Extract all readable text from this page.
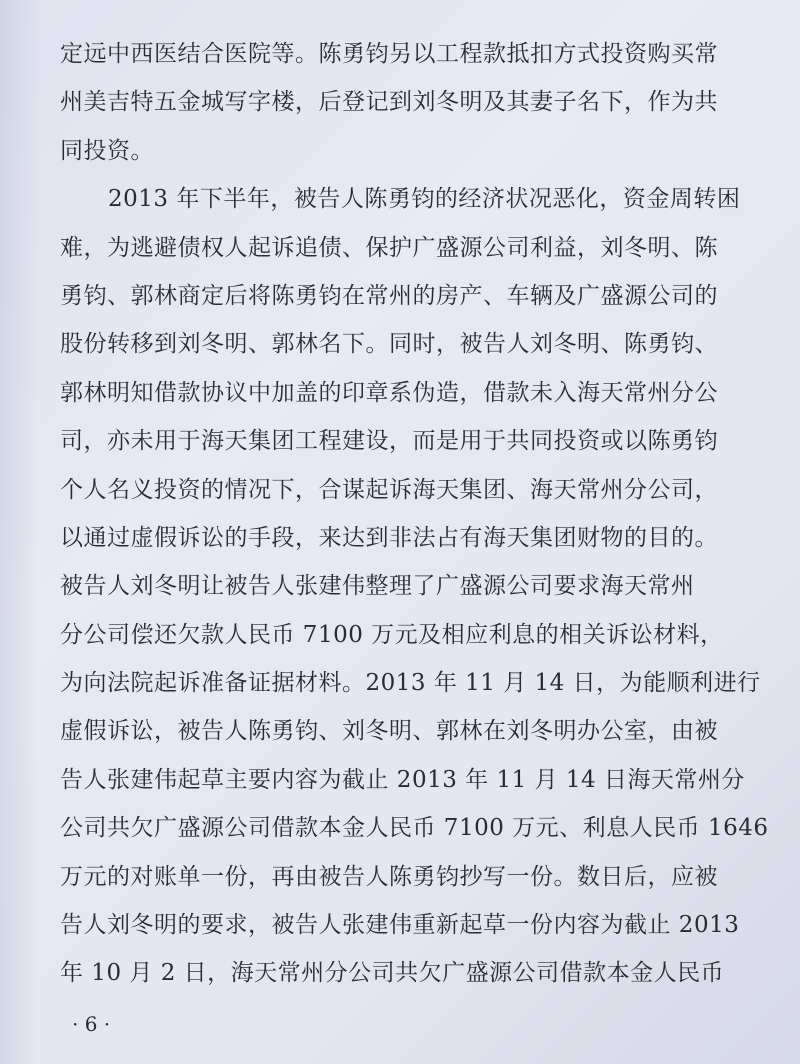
定远中西医结合医院等。陈勇钧另以工程款抵扣方式投资购买常
州美吉特五金城写字楼，后登记到刘冬明及其妻子名下，作为共
同投资。
2013 年下半年，被告人陈勇钧的经济状况恶化，资金周转困
难，为逃避债权人起诉追债、保护广盛源公司利益，刘冬明、陈
勇钧、郭林商定后将陈勇钧在常州的房产、车辆及广盛源公司的
股份转移到刘冬明、郭林名下。同时，被告人刘冬明、陈勇钧、
郭林明知借款协议中加盖的印章系伪造，借款未入海天常州分公
司，亦未用于海天集团工程建设，而是用于共同投资或以陈勇钧
个人名义投资的情况下，合谋起诉海天集团、海天常州分公司，
以通过虚假诉讼的手段，来达到非法占有海天集团财物的目的。
被告人刘冬明让被告人张建伟整理了广盛源公司要求海天常州
分公司偿还欠款人民币 7100 万元及相应利息的相关诉讼材料，
为向法院起诉准备证据材料。2013 年 11 月 14 日，为能顺利进行
虚假诉讼，被告人陈勇钧、刘冬明、郭林在刘冬明办公室，由被
告人张建伟起草主要内容为截止 2013 年 11 月 14 日海天常州分
公司共欠广盛源公司借款本金人民币 7100 万元、利息人民币 1646
万元的对账单一份，再由被告人陈勇钧抄写一份。数日后，应被
告人刘冬明的要求，被告人张建伟重新起草一份内容为截止 2013
年 10 月 2 日，海天常州分公司共欠广盛源公司借款本金人民币
· 6 ·
